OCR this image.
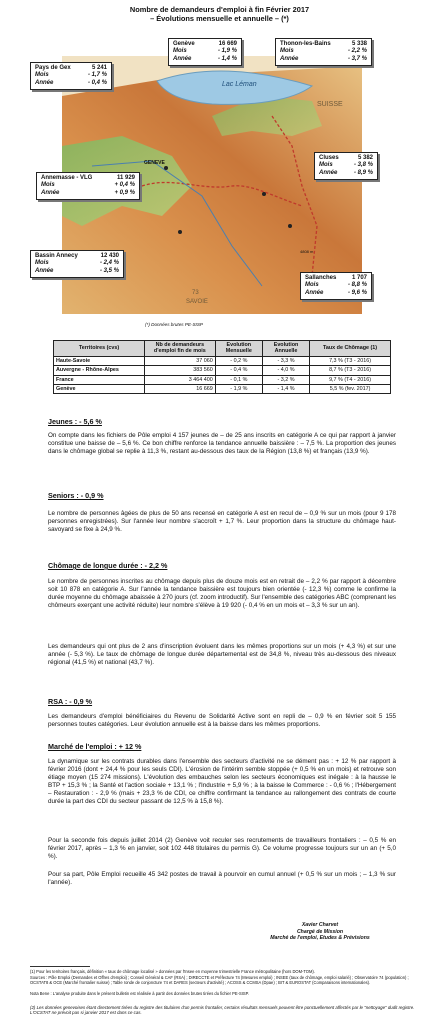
Nombre de demandeurs d'emploi à fin Février 2017
– Évolutions mensuelle et annuelle – (*)
Lac Léman
SUISSE
GENEVE
73
SAVOIE
4808 m
Pays de Gex	5 241
Mois	- 1,7 %
Année	- 0,4 %
Genève	16 669
Mois	- 1,9 %
Année	- 1,4 %
Thonon-les-Bains	5 338
Mois	- 2,2 %
Année	- 3,7 %
Cluses	5 382
Mois	- 3,8 %
Année	- 8,9 %
Annemasse - VLG	11 929
Mois	+ 0,4 %
Année	+ 0,9 %
Bassin Annecy	12 430
Mois	- 2,4 %
Année	- 3,5 %
Sallanches	1 707
Mois	- 8,8 %
Année	- 9,6 %
(*) Données brutes PE-SISP
Territoires (cvs)	Nb de demandeurs d'emploi fin de mois	Evolution Mensuelle	Evolution Annuelle	Taux de Chômage (1)
Haute-Savoie	37 060	- 0,2 %	- 3,3 %	7,3 % (T3 - 2016)
Auvergne - Rhône-Alpes	383 560	- 0,4 %	- 4,0 %	8,7 % (T3 - 2016)
France	3 464 400	- 0,1 %	- 3,2 %	9,7 % (T4 - 2016)
Genève	16 669	- 1,9 %	- 1,4 %	5,5 % (fev. 2017)
Jeunes : - 5,6 %
On compte dans les fichiers de Pôle emploi 4 157 jeunes de – de 25 ans inscrits en catégorie A ce qui par rapport à janvier constitue une baisse de – 5,6 %. Ce bon chiffre renforce la tendance annuelle baissière : – 7,5 %. La proportion des jeunes dans le chômage global se replie à 11,3 %, restant au-dessous des taux de la Région (13,8 %) et français (13,9 %).
Seniors : - 0,9 %
Le nombre de personnes âgées de plus de 50 ans recensé en catégorie A est en recul de – 0,9 % sur un mois (pour 9 178 personnes enregistrées). Sur l'année leur nombre s'accroît + 1,7 %. Leur proportion dans la structure du chômage haut-savoyard se fixe à 24,9 %.
Chômage de longue durée : - 2,2 %
Le nombre de personnes inscrites au chômage depuis plus de douze mois est en retrait de – 2,2 % par rapport à décembre soit 10 878 en catégorie A. Sur l'année la tendance baissière est toujours bien orientée (- 12,3 %) comme le confirme la durée moyenne du chômage abaissée à 270 jours (cf. zoom introductif). Sur l'ensemble des catégories ABC (comprenant les chômeurs exerçant une activité réduite) leur nombre s'élève à 19 920 (- 0,4 % en un mois et – 3,3 % sur un an).
Les demandeurs qui ont plus de 2 ans d'inscription évoluent dans les mêmes proportions sur un mois (+ 4,3 %) et sur une année (- 5,3 %). Le taux de chômage de longue durée départemental est de 34,8 %, niveau très au-dessous des niveaux régional (41,5 %) et national (43,7 %).
RSA : - 0,9 %
Les demandeurs d'emploi bénéficiaires du Revenu de Solidarité Active sont en repli de – 0,9 % en février soit 5 155 personnes toutes catégories. Leur évolution annuelle est à la baisse dans les mêmes proportions.
Marché de l'emploi : + 12 %
La dynamique sur les contrats durables dans l'ensemble des secteurs d'activité ne se dément pas : + 12 % par rapport à février 2016 (dont + 24,4 % pour les seuls CDI). L'érosion de l'intérim semble stoppée (+ 0,5 % en un mois) et retrouve son étiage moyen (15 274 missions). L'évolution des embauches selon les secteurs économiques est inégale : à la hausse le BTP + 15,3 % ; la Santé et l'action sociale + 13,1 % ; l'Industrie + 5,9 % ; à la baisse le Commerce : - 0,6 % ; l'Hébergement – Restauration : - 2,9 % (mais + 23,3 % de CDI, ce chiffre confirmant la tendance au rallongement des contrats de courte durée la part des CDI du secteur passant de 12,5 % à 15,8 %).
Pour la seconde fois depuis juillet 2014 (2) Genève voit reculer ses recrutements de travailleurs frontaliers : – 0,5 % en février 2017, après – 1,3 % en janvier, soit 102 448 titulaires du permis G). Ce volume progresse toujours sur un an (+ 5,0 %).
Pour sa part, Pôle Emploi recueille 45 342 postes de travail à pourvoir en cumul annuel (+ 0,5 % sur un mois ; – 1,3 % sur l'année).
Xavier Charvet
Chargé de Mission
Marché de l'emploi, Etudes & Prévisions
(1) Pour les territoires français, définition « taux de chômage localisé » données par l'Insee en moyenne trimestrielle France métropolitaine (hors DOM-TOM).
Sources : Pôle Emploi (Demandes et Offres d'emploi) ; Conseil Général & CAF (RSA) ; DIRECCTE et Préfecture 74 (Mesures emploi) ; INSEE (taux de chômage, emploi salarié) ; Observatoire 74 (population) ; OCSTAT8 & OCE (Marché frontalier suisse) ; Table ronde de conjoncture 74 et DARES (secteurs d'activité) ; ACOSS & CCMSA (Dpae) ; BIT & EUROSTAT (Comparaisons internationales).
Nota Bene : L'analyse produite dans le présent bulletin est réalisée à partir des données brutes tirées du fichier PE-SISP.
(2) Les données genevoises étant directement tirées du registre des titulaires d'un permis frontalier, certains résultats mensuels peuvent être ponctuellement affectés par le "nettoyage" dudit registre. L'OCSTAT ne prévoit pas si janvier 2017 est dans ce cas.
